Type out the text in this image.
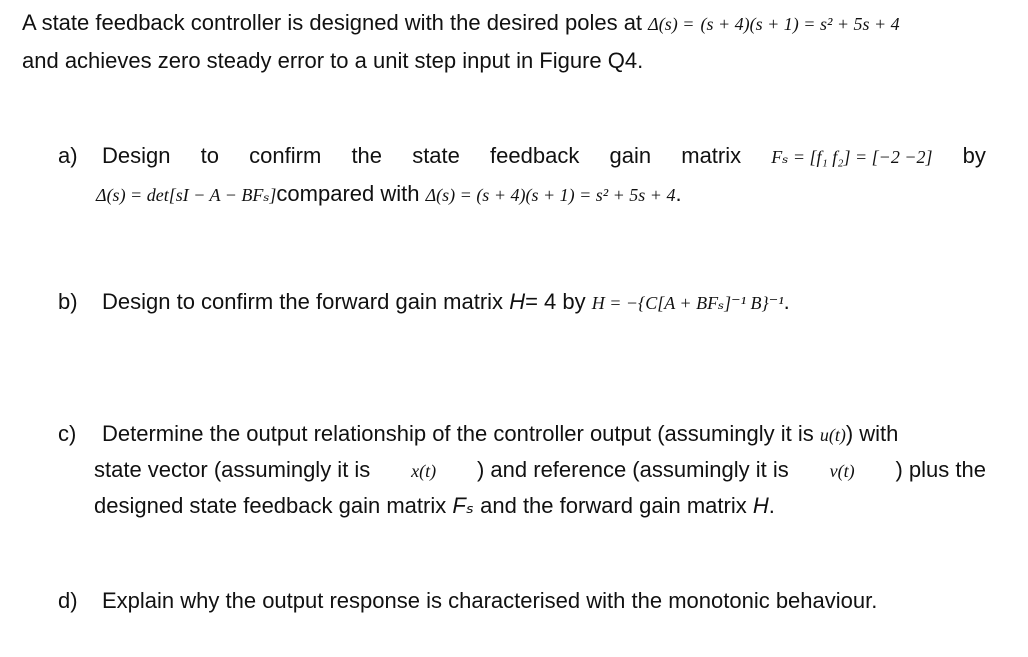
A state feedback controller is designed with the desired poles at Δ(s) = (s + 4)(s + 1) = s² + 5s + 4
and achieves zero steady error to a unit step input in Figure Q4.
a) Design to confirm the state feedback gain matrix Fₛ = [f₁ f₂] = [−2 −2] by
Δ(s) = det[sI − A − BFₛ]compared with Δ(s) = (s + 4)(s + 1) = s² + 5s + 4.
b) Design to confirm the forward gain matrix H= 4 by H = −{C[A + BFₛ]⁻¹ B}⁻¹.
c) Determine the output relationship of the controller output (assumingly it is u(t)) with
state vector (assumingly it is x(t) ) and reference (assumingly it is v(t) ) plus the
designed state feedback gain matrix Fₛ and the forward gain matrix H.
d) Explain why the output response is characterised with the monotonic behaviour.
